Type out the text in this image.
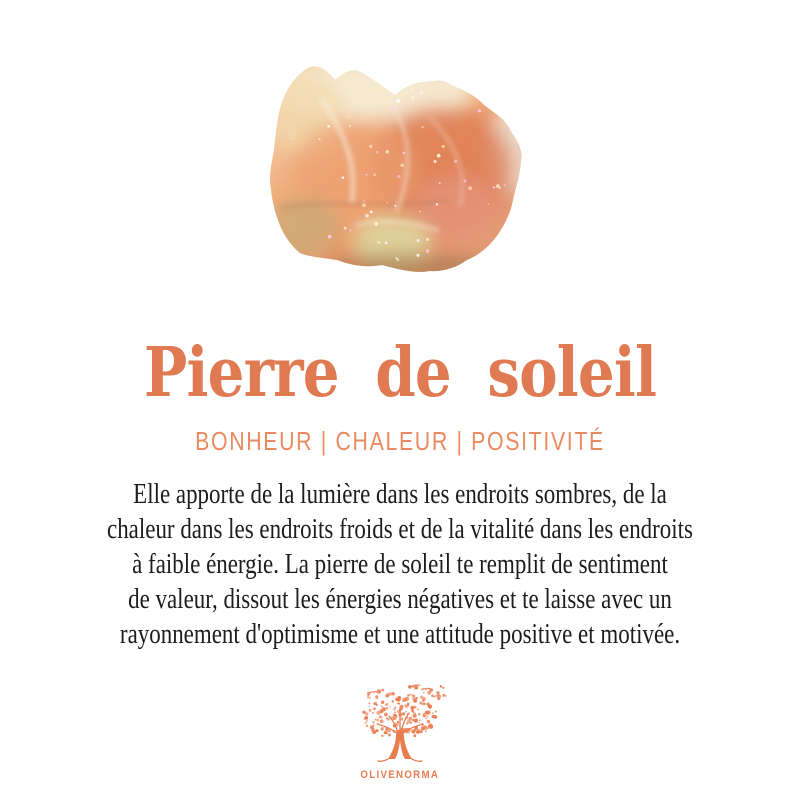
Pierre de soleil
BONHEUR | CHALEUR | POSITIVITÉ
Elle apporte de la lumière dans les endroits sombres, de la
chaleur dans les endroits froids et de la vitalité dans les endroits
à faible énergie. La pierre de soleil te remplit de sentiment
de valeur, dissout les énergies négatives et te laisse avec un
rayonnement d'optimisme et une attitude positive et motivée.
OLIVENORMA
